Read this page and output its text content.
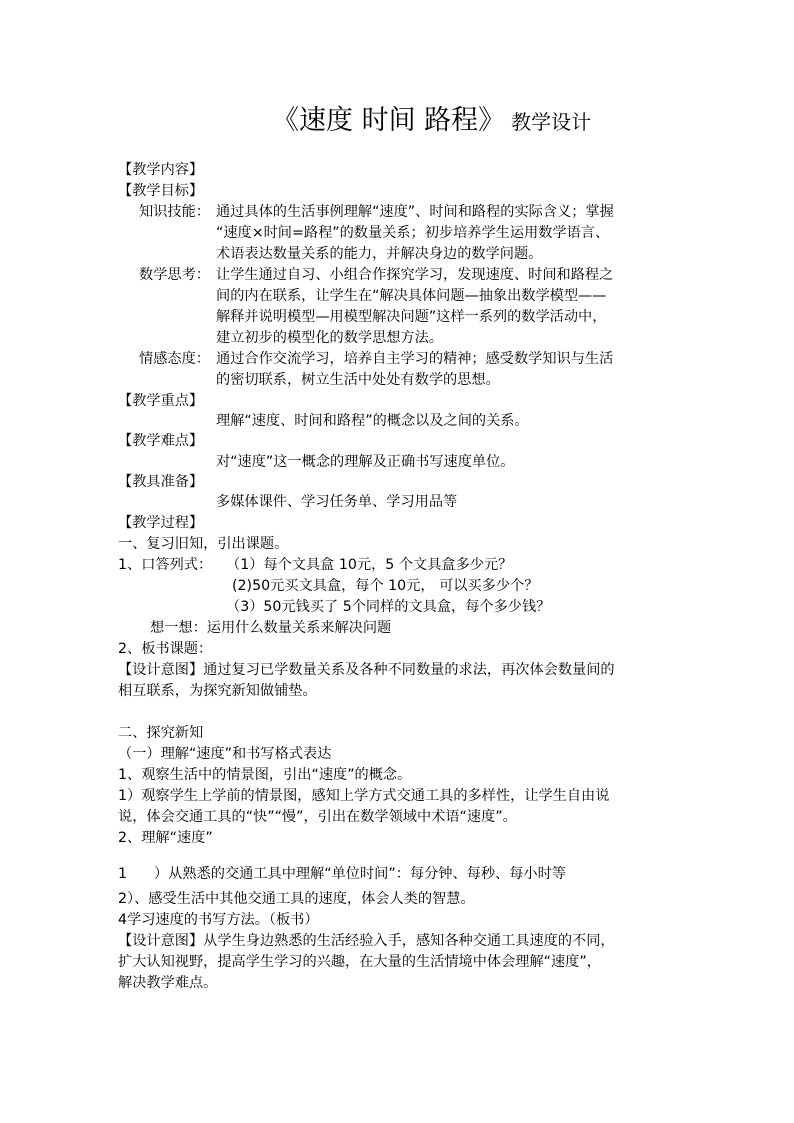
《速度 时间 路程》 教学设计
【教学内容】
【教学目标】
知识技能： 通过具体的生活事例理解“速度”、时间和路程的实际含义；掌握
“速度×时间=路程”的数量关系；初步培养学生运用数学语言、
术语表达数量关系的能力，并解决身边的数学问题。
数学思考： 让学生通过自习、小组合作探究学习，发现速度、时间和路程之
间的内在联系，让学生在“解决具体问题—抽象出数学模型——
解释并说明模型—用模型解决问题”这样一系列的数学活动中，
建立初步的模型化的数学思想方法。
情感态度： 通过合作交流学习，培养自主学习的精神；感受数学知识与生活
的密切联系，树立生活中处处有数学的思想。
【教学重点】
理解“速度、时间和路程”的概念以及之间的关系。
【教学难点】
对“速度”这一概念的理解及正确书写速度单位。
【教具准备】
多媒体课件、学习任务单、学习用品等
【教学过程】
一、复习旧知，引出课题。
1、口答列式： （1）每个文具盒 10元，5 个文具盒多少元？
(2)50元买文具盒，每个 10元， 可以买多少个？
（3）50元钱买了 5个同样的文具盒，每个多少钱？
想一想：运用什么数量关系来解决问题
2、板书课题：
【设计意图】通过复习已学数量关系及各种不同数量的求法，再次体会数量间的
相互联系，为探究新知做铺垫。
二、探究新知
（一）理解“速度”和书写格式表达
1、观察生活中的情景图，引出“速度”的概念。
1）观察学生上学前的情景图，感知上学方式交通工具的多样性，让学生自由说
说，体会交通工具的“快”“慢”，引出在数学领域中术语“速度”。
2、理解“速度”
1 ）从熟悉的交通工具中理解“单位时间”：每分钟、每秒、每小时等
2）、感受生活中其他交通工具的速度，体会人类的智慧。
4学习速度的书写方法。（板书）
【设计意图】从学生身边熟悉的生活经验入手，感知各种交通工具速度的不同，
扩大认知视野，提高学生学习的兴趣，在大量的生活情境中体会理解“速度”，
解决教学难点。
